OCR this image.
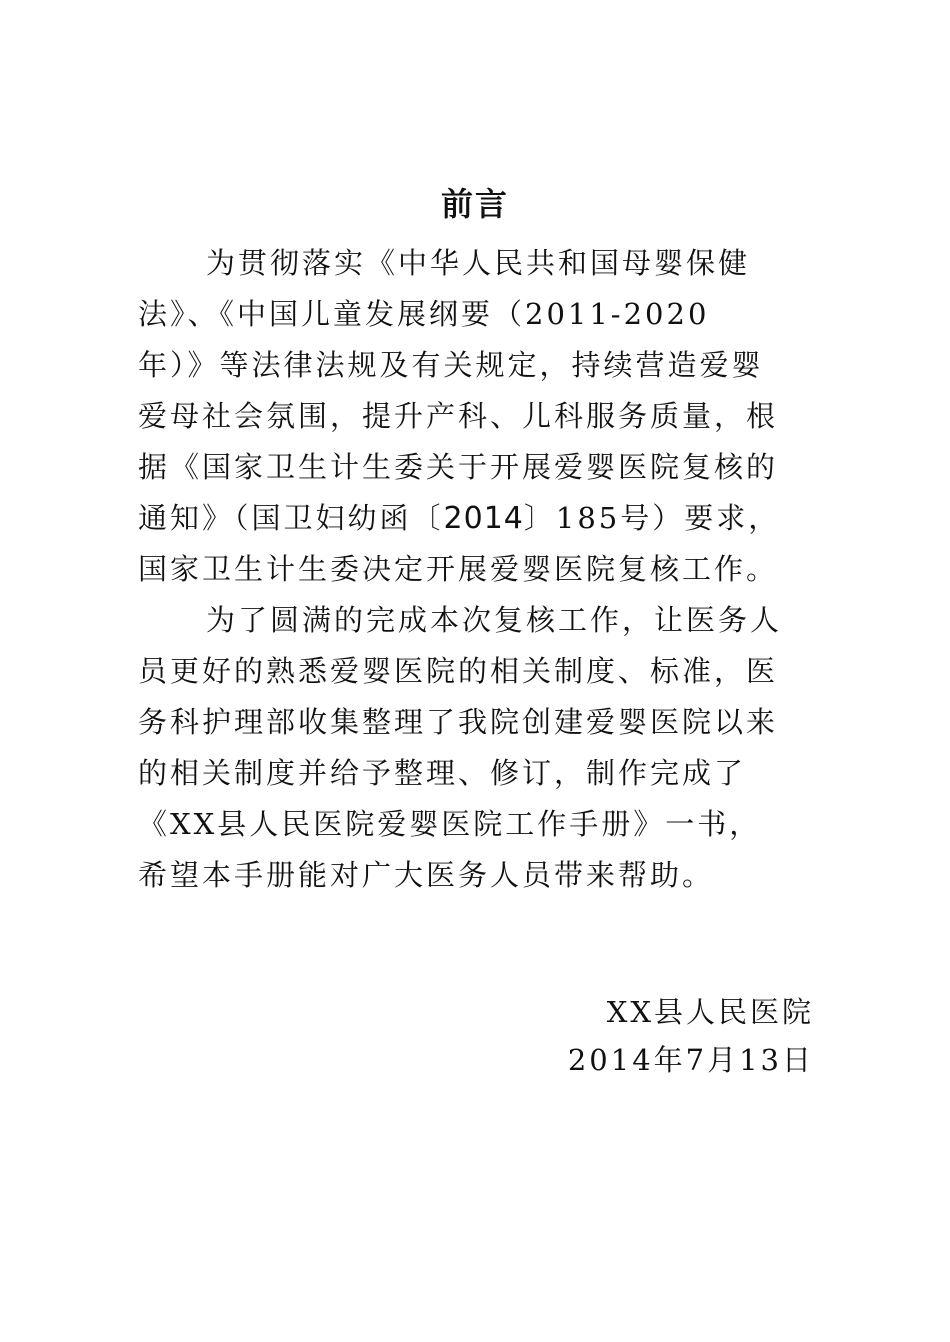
前言
为贯彻落实《中华人民共和国母婴保健
法》、《中国儿童发展纲要（2011-2020
年）》等法律法规及有关规定，持续营造爱婴
爱母社会氛围，提升产科、儿科服务质量，根
据《国家卫生计生委关于开展爱婴医院复核的
通知》（国卫妇幼函〔2014〕185号）要求，
国家卫生计生委决定开展爱婴医院复核工作。
为了圆满的完成本次复核工作，让医务人
员更好的熟悉爱婴医院的相关制度、标准，医
务科护理部收集整理了我院创建爱婴医院以来
的相关制度并给予整理、修订，制作完成了
《XX县人民医院爱婴医院工作手册》一书，
希望本手册能对广大医务人员带来帮助。
XX县人民医院
2014年7月13日
